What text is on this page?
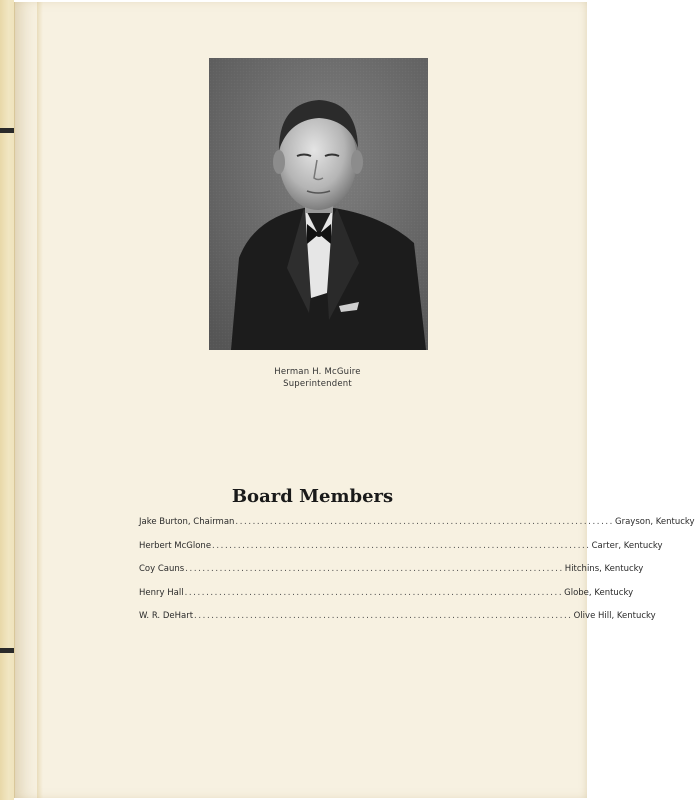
Herman H. McGuire
Superintendent
Board Members
Jake Burton, Chairman ........................................................................................ Grayson, Kentucky
Herbert McGlone ........................................................................................ Carter, Kentucky
Coy Cauns ........................................................................................ Hitchins, Kentucky
Henry Hall ........................................................................................ Globe, Kentucky
W. R. DeHart ........................................................................................ Olive Hill, Kentucky
